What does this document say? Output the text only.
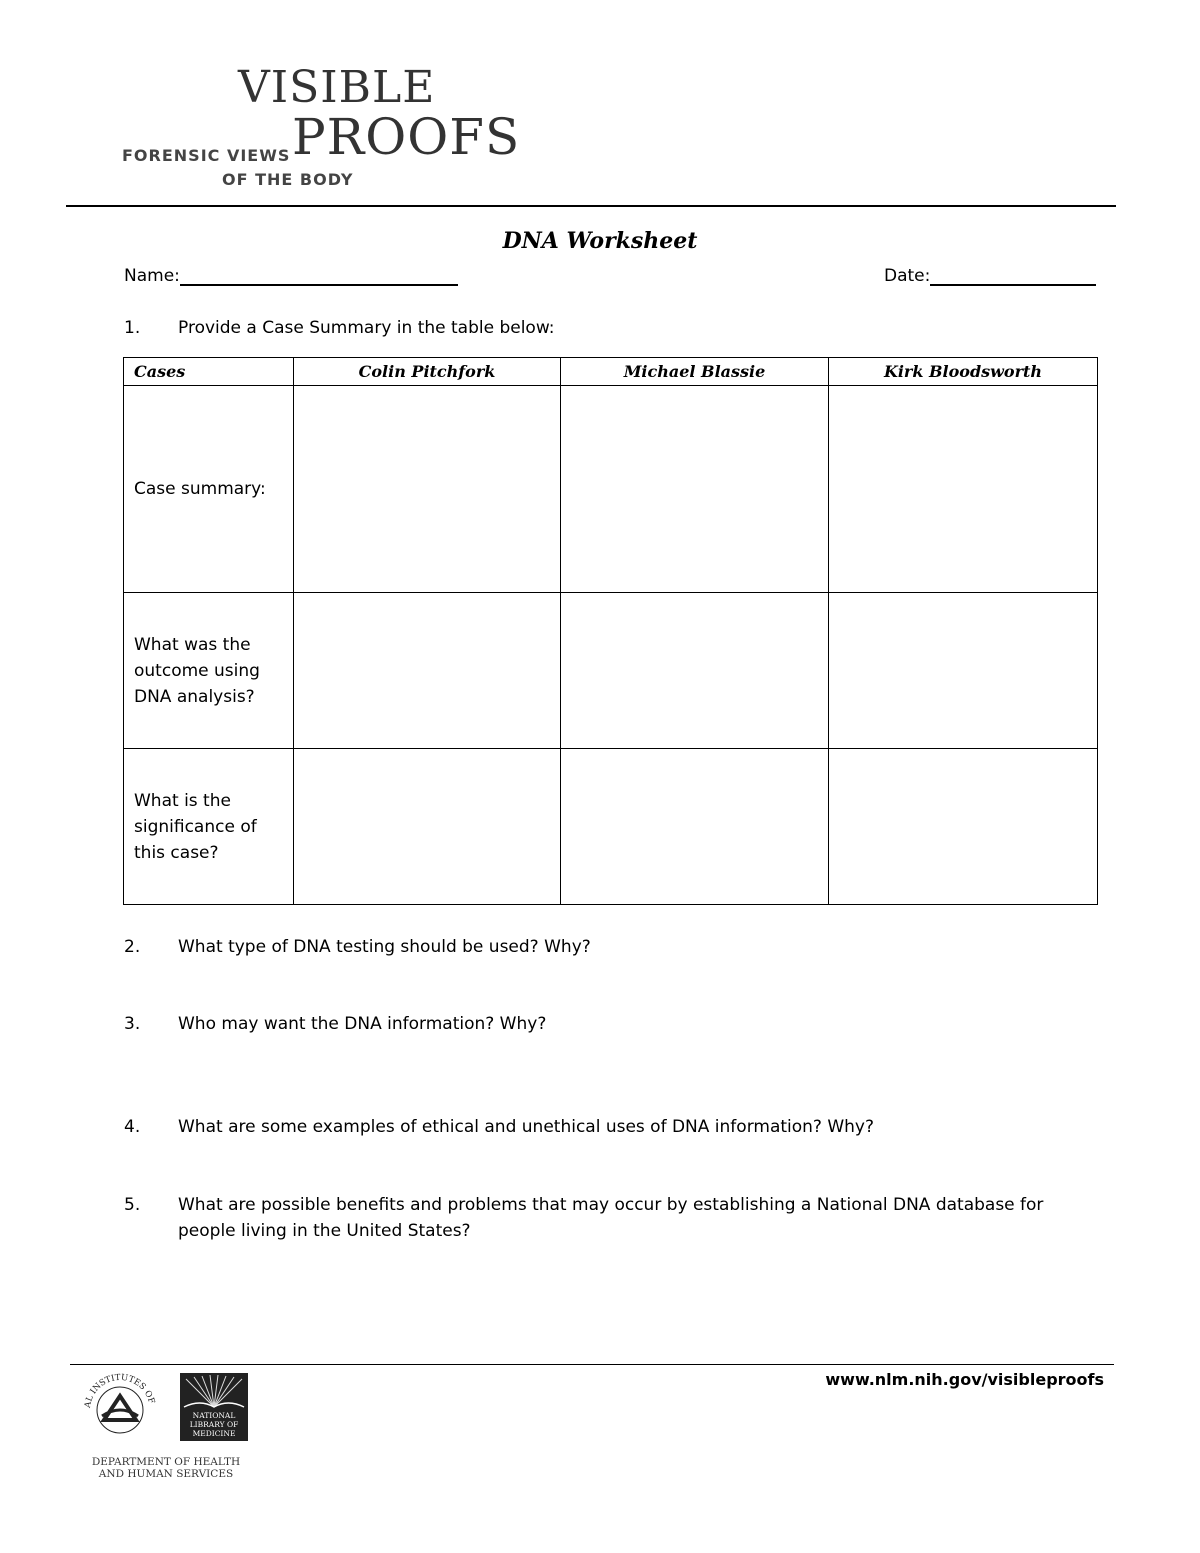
VISIBLE
PROOFS
FORENSIC VIEWS
OF THE BODY
DNA Worksheet
Name:	Date:
1.	Provide a Case Summary in the table below:
Cases	Colin Pitchfork	Michael Blassie	Kirk Bloodsworth
Case summary:			
What was the outcome using DNA analysis?			
What is the significance of this case?			
2.	What type of DNA testing should be used? Why?
3.	Who may want the DNA information? Why?
4.	What are some examples of ethical and unethical uses of DNA information? Why?
5.	What are possible benefits and problems that may occur by establishing a National DNA database for people living in the United States?
www.nlm.nih.gov/visibleproofs
AL INSTITUTES OF
NATIONAL LIBRARY OF MEDICINE
DEPARTMENT OF HEALTH
AND HUMAN SERVICES
